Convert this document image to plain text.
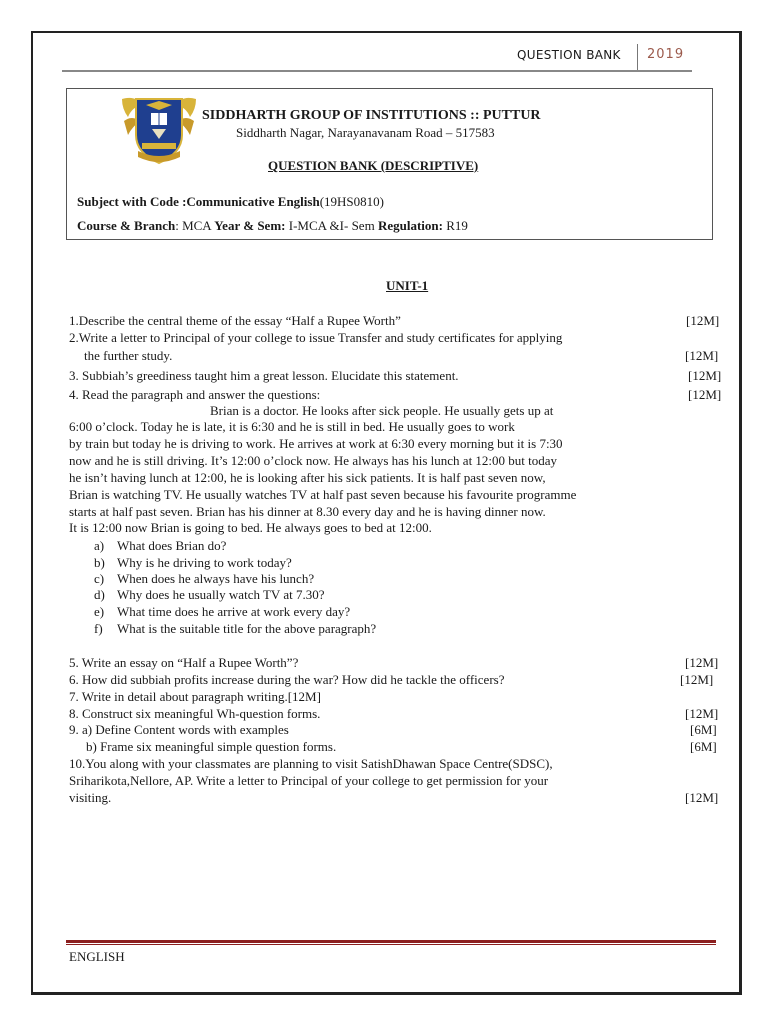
QUESTION BANK 2019
SIDDHARTH GROUP OF INSTITUTIONS :: PUTTUR
Siddharth Nagar, Narayanavanam Road – 517583
QUESTION BANK (DESCRIPTIVE)
Subject with Code :Communicative English(19HS0810)
Course & Branch: MCA Year & Sem: I-MCA &I- Sem Regulation: R19
UNIT-1
1.Describe the central theme of the essay “Half a Rupee Worth”	[12M]
2.Write a letter to Principal of your college to issue Transfer and study certificates for applying
the further study.	[12M]
3. Subbiah’s greediness taught him a great lesson. Elucidate this statement.	[12M]
4. Read the paragraph and answer the questions:	[12M]
Brian is a doctor. He looks after sick people. He usually gets up at
6:00 o’clock. Today he is late, it is 6:30 and he is still in bed. He usually goes to work
by train but today he is driving to work. He arrives at work at 6:30 every morning but it is 7:30
now and he is still driving. It’s 12:00 o’clock now. He always has his lunch at 12:00 but today
he isn’t having lunch at 12:00, he is looking after his sick patients. It is half past seven now,
Brian is watching TV. He usually watches TV at half past seven because his favourite programme
starts at half past seven. Brian has his dinner at 8.30 every day and he is having dinner now.
It is 12:00 now Brian is going to bed. He always goes to bed at 12:00.
a) What does Brian do?
b) Why is he driving to work today?
c) When does he always have his lunch?
d) Why does he usually watch TV at 7.30?
e) What time does he arrive at work every day?
f) What is the suitable title for the above paragraph?
5. Write an essay on “Half a Rupee Worth”?	[12M]
6. How did subbiah profits increase during the war? How did he tackle the officers?	[12M]
7. Write in detail about paragraph writing.[12M]
8. Construct six meaningful Wh-question forms.	[12M]
9. a) Define Content words with examples	[6M]
b) Frame six meaningful simple question forms.	[6M]
10.You along with your classmates are planning to visit SatishDhawan Space Centre(SDSC),
Sriharikota,Nellore, AP. Write a letter to Principal of your college to get permission for your
visiting.	[12M]
ENGLISH
